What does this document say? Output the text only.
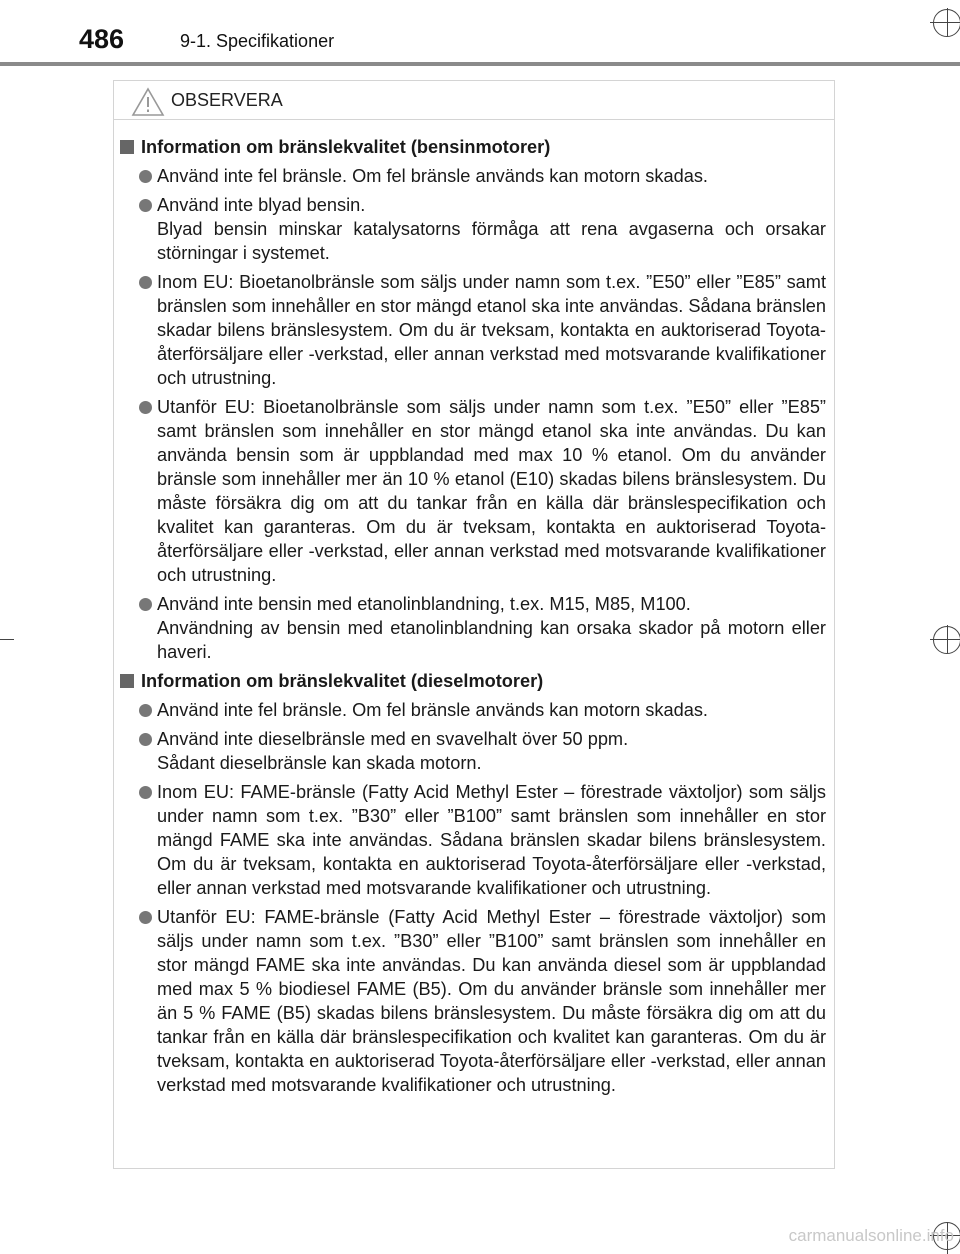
486	9-1. Specifikationer
OBSERVERA
Information om bränslekvalitet (bensinmotorer)

Använd inte fel bränsle. Om fel bränsle används kan motorn skadas.

Använd inte blyad bensin.

Blyad bensin minskar katalysatorns förmåga att rena avgaserna och orsakar störningar i systemet.

Inom EU: Bioetanolbränsle som säljs under namn som t.ex. ”E50” eller ”E85” samt bränslen som innehåller en stor mängd etanol ska inte användas. Sådana bränslen skadar bilens bränslesystem. Om du är tveksam, kontakta en auktoriserad Toyota-återförsäljare eller -verkstad, eller annan verkstad med motsvarande kvalifikationer och utrustning.

Utanför EU: Bioetanolbränsle som säljs under namn som t.ex. ”E50” eller ”E85” samt bränslen som innehåller en stor mängd etanol ska inte användas. Du kan använda bensin som är uppblandad med max 10 % etanol. Om du använder bränsle som innehåller mer än 10 % etanol (E10) skadas bilens bränslesystem. Du måste försäkra dig om att du tankar från en källa där bränslespecifikation och kvalitet kan garanteras. Om du är tveksam, kontakta en auktoriserad Toyota-återförsäljare eller -verkstad, eller annan verkstad med motsvarande kvalifikationer och utrustning.

Använd inte bensin med etanolinblandning, t.ex. M15, M85, M100.

Användning av bensin med etanolinblandning kan orsaka skador på motorn eller haveri.

Information om bränslekvalitet (dieselmotorer)

Använd inte fel bränsle. Om fel bränsle används kan motorn skadas.

Använd inte dieselbränsle med en svavelhalt över 50 ppm.

Sådant dieselbränsle kan skada motorn.

Inom EU: FAME-bränsle (Fatty Acid Methyl Ester – förestrade växtoljor) som säljs under namn som t.ex. ”B30” eller ”B100” samt bränslen som innehåller en stor mängd FAME ska inte användas. Sådana bränslen skadar bilens bränslesystem. Om du är tveksam, kontakta en auktoriserad Toyota-återförsäljare eller -verkstad, eller annan verkstad med motsvarande kvalifikationer och utrustning.

Utanför EU: FAME-bränsle (Fatty Acid Methyl Ester – förestrade växtoljor) som säljs under namn som t.ex. ”B30” eller ”B100” samt bränslen som innehåller en stor mängd FAME ska inte användas. Du kan använda diesel som är uppblandad med max 5 % biodiesel FAME (B5). Om du använder bränsle som innehåller mer än 5 % FAME (B5) skadas bilens bränslesystem. Du måste försäkra dig om att du tankar från en källa där bränslespecifikation och kvalitet kan garanteras. Om du är tveksam, kontakta en auktoriserad Toyota-återförsäljare eller -verkstad, eller annan verkstad med motsvarande kvalifikationer och utrustning.

carmanualsonline.info
